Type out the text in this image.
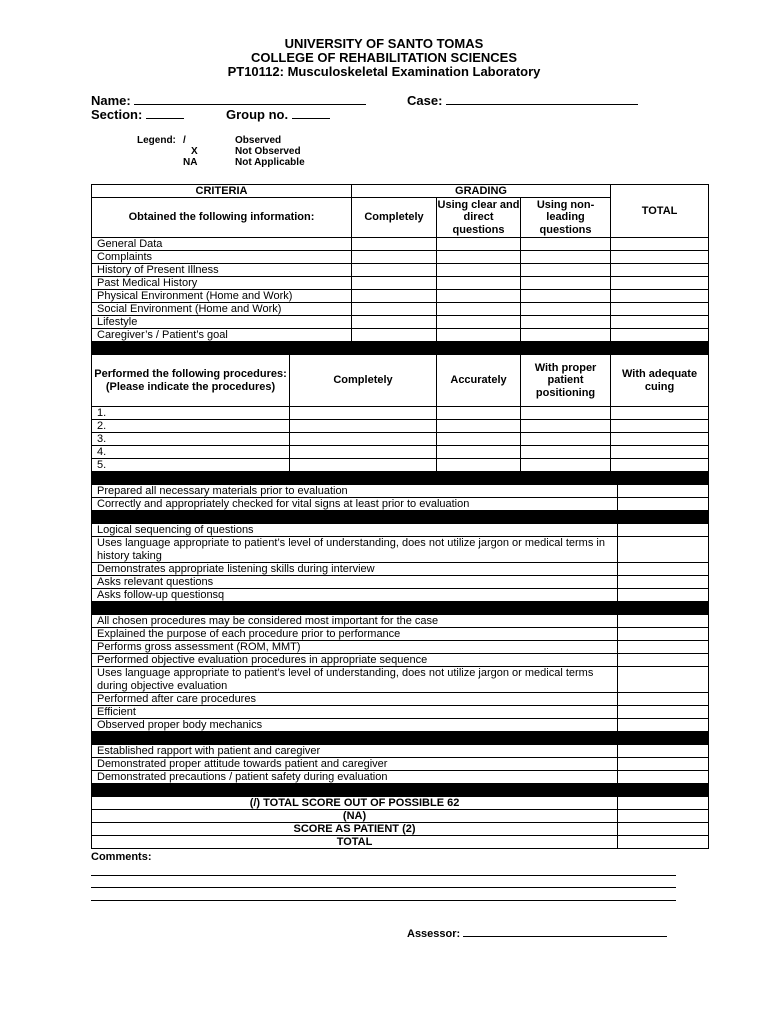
UNIVERSITY OF SANTO TOMAS
COLLEGE OF REHABILITATION SCIENCES
PT10112: Musculoskeletal Examination Laboratory
Name:	Case:
Section:	Group no.
Legend:	/	Observed
	X	Not Observed
	NA	Not Applicable
CRITERIA		GRADING			TOTAL	
Obtained the following information:		Completely	Using clear and direct questions	Using non-leading questions		
General Data						
Complaints						
History of Present Illness						
Past Medical History						
Physical Environment (Home and Work)						
Social Environment (Home and Work)						
Lifestyle						
Caregiver’s / Patient’s goal						

Performed the following procedures: (Please indicate the procedures)	Completely		Accurately	With proper patient positioning	With adequate cuing	
1.						
2.						
3.						
4.						
5.						

Prepared all necessary materials prior to evaluation						
Correctly and appropriately checked for vital signs at least prior to evaluation						

Logical sequencing of questions						
Uses language appropriate to patient’s level of understanding, does not utilize jargon or medical terms in history taking						
Demonstrates appropriate listening skills during interview						
Asks relevant questions						
Asks follow-up questionsq						

All chosen procedures may be considered most important for the case						
Explained the purpose of each procedure prior to performance						
Performs gross assessment (ROM, MMT)						
Performed objective evaluation procedures in appropriate sequence						
Uses language appropriate to patient’s level of understanding, does not utilize jargon or medical terms during objective evaluation						
Performed after care procedures						
Efficient						
Observed proper body mechanics						

Established rapport with patient and caregiver						
Demonstrated proper attitude towards patient and caregiver						
Demonstrated precautions / patient safety during evaluation						

(/) TOTAL SCORE OUT OF POSSIBLE 62						
(NA)						
SCORE AS PATIENT (2)						
TOTAL						
Comments:
Assessor:
